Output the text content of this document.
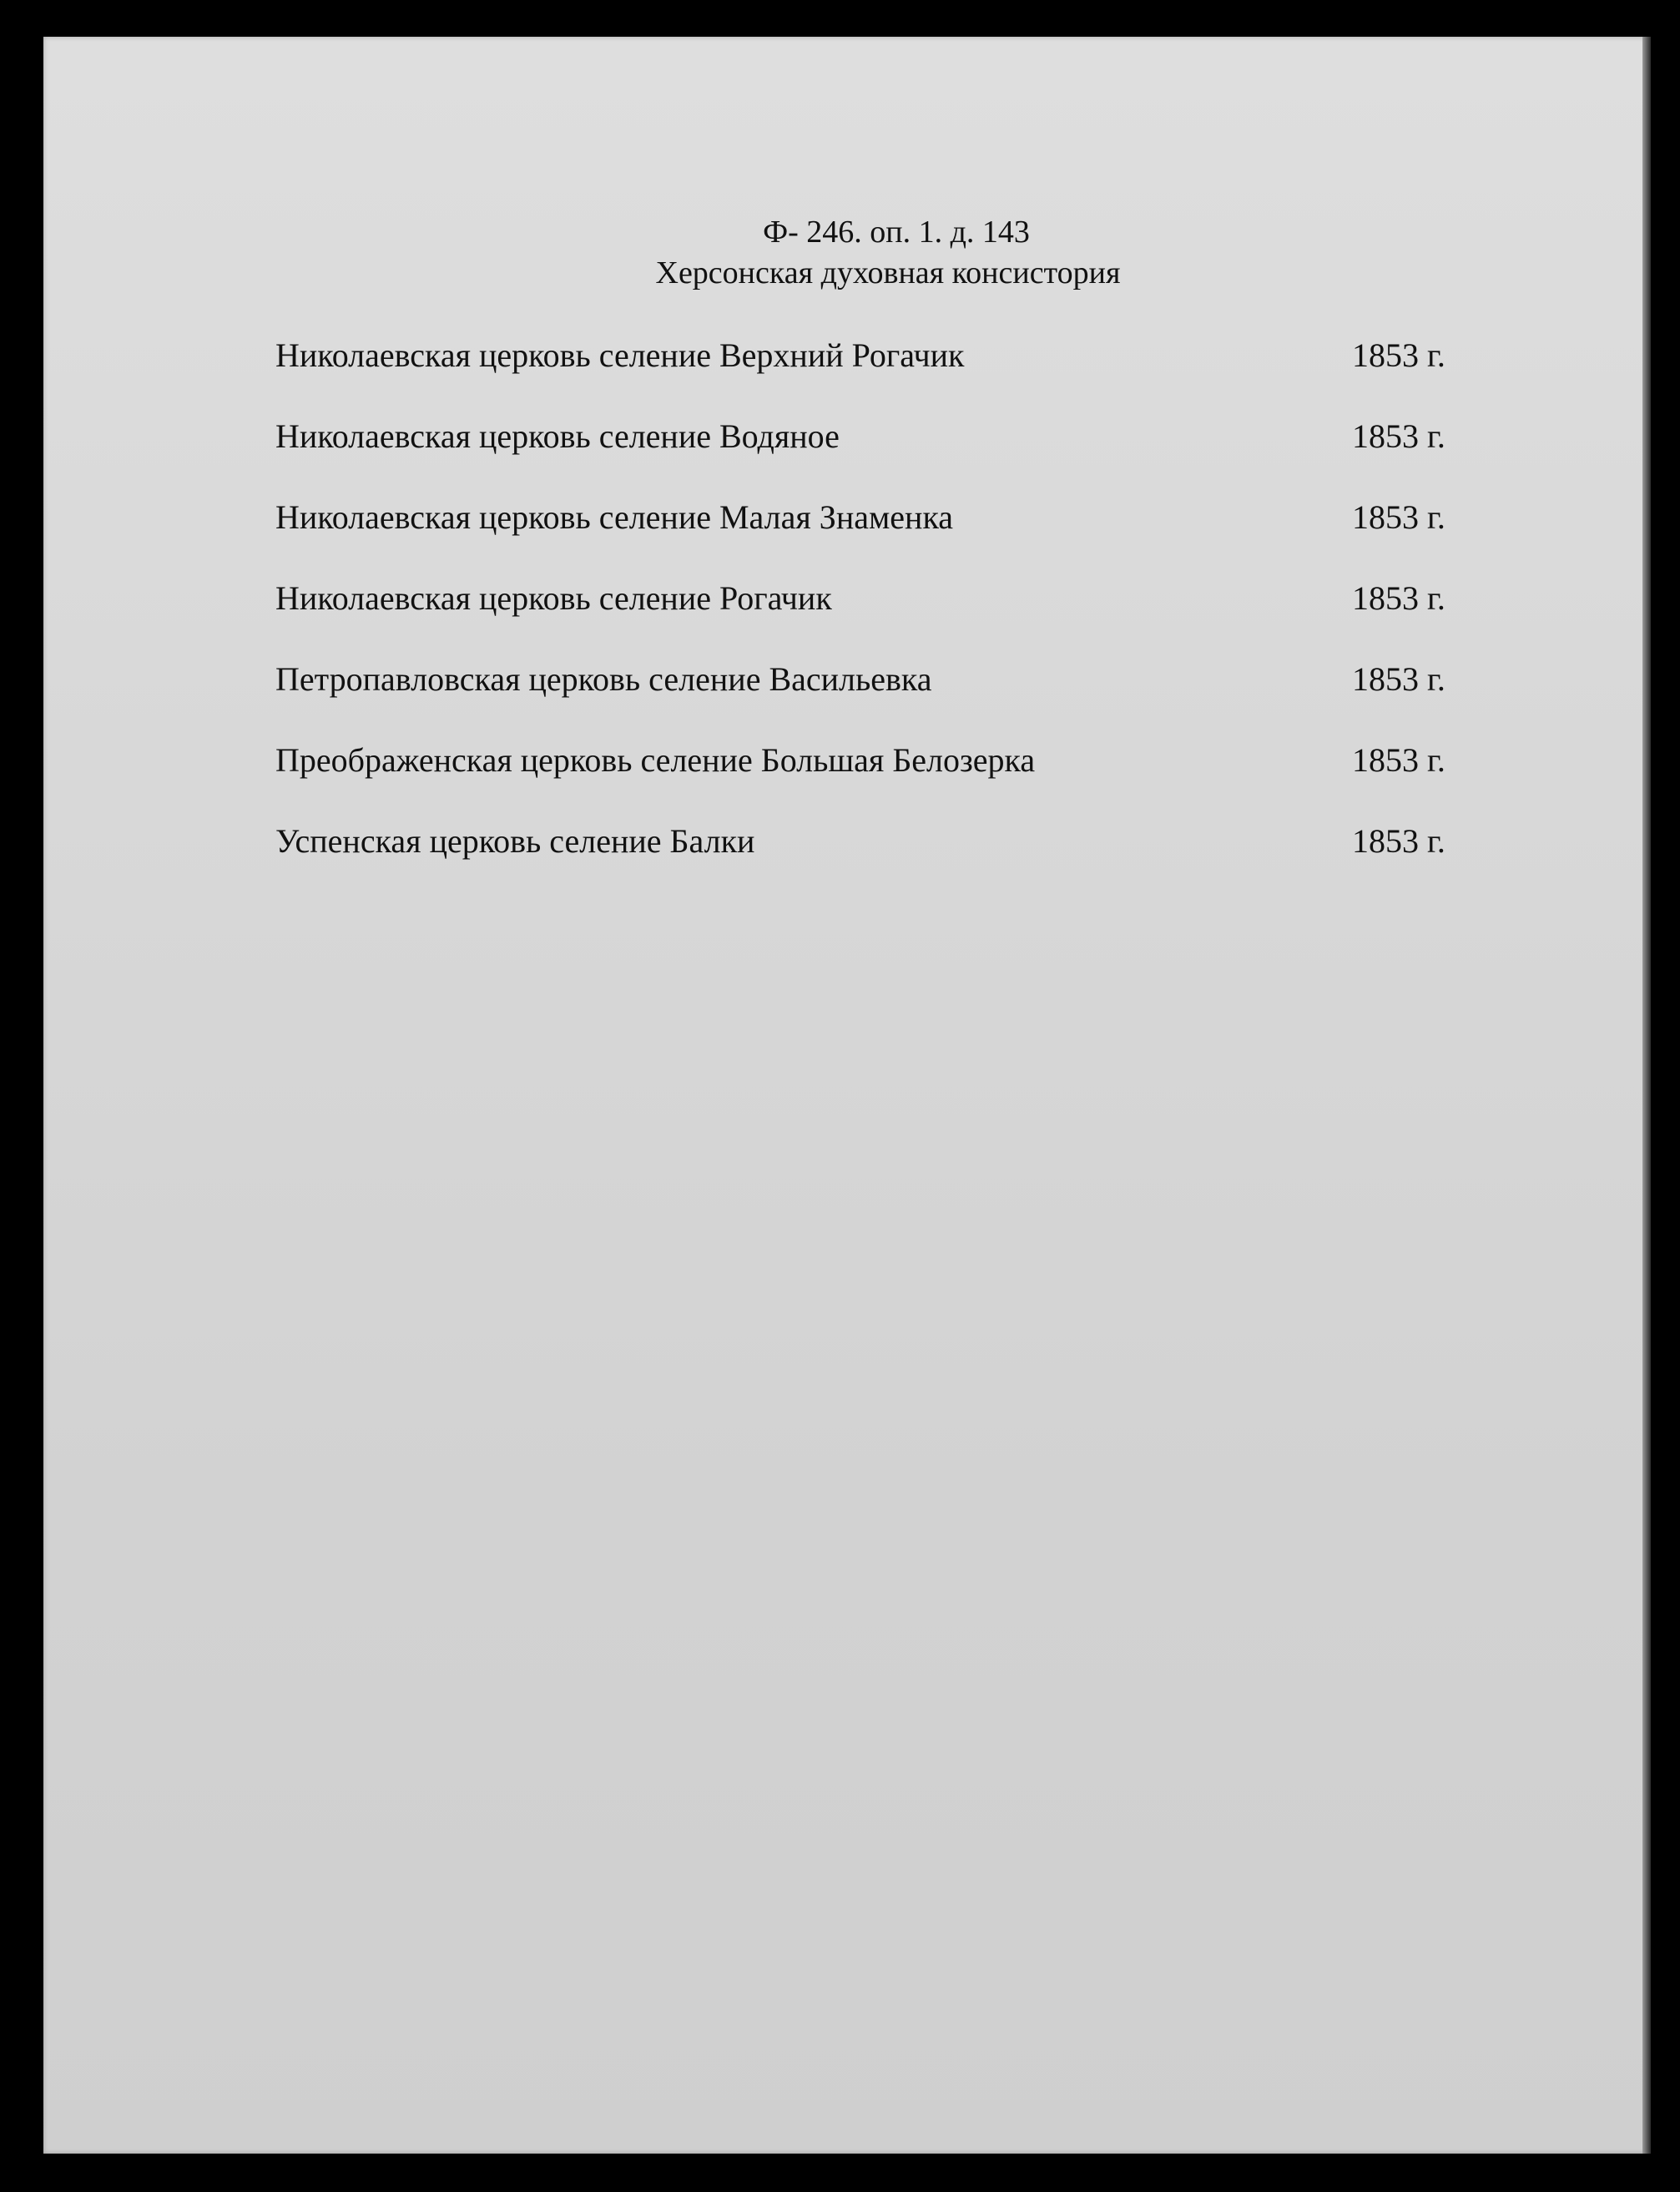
Ф- 246. оп. 1. д. 143
Херсонская духовная консистория
Николаевская церковь селение Верхний Рогачик	1853 г.
Николаевская церковь селение Водяное	1853 г.
Николаевская церковь селение Малая Знаменка	1853 г.
Николаевская церковь селение Рогачик	1853 г.
Петропавловская церковь селение Васильевка	1853 г.
Преображенская церковь селение Большая Белозерка	1853 г.
Успенская церковь селение Балки	1853 г.
